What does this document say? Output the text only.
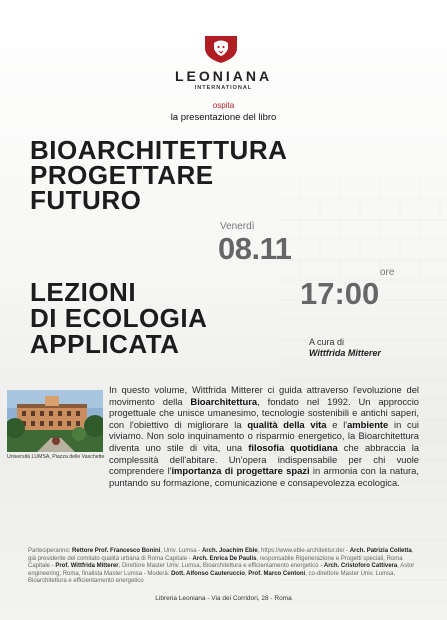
LEONIANA
INTERNATIONAL
ospita
la presentazione del libro
BIOARCHITETTURA
PROGETTARE
FUTURO
Venerdì
08.11
ore
17:00
LEZIONI
DI ECOLOGIA
APPLICATA	A cura di
Wittfrida Mitterer
Università LUMSA, Piazza delle Vaschette
In questo volume, Wittfrida Mitterer ci guida attraverso l'evoluzione del movimento della Bioarchitettura, fondato nel 1992. Un approccio progettuale che unisce umanesimo, tecnologie sostenibili e antichi saperi, con l'obiettivo di migliorare la qualità della vita e l'ambiente in cui viviamo. Non solo inquinamento o risparmio energetico, la Bioarchitettura diventa uno stile di vita, una filosofia quotidiana che abbraccia la complessità dell'abitare. Un'opera indispensabile per chi vuole comprendere l'importanza di progettare spazi in armonia con la natura, puntando su formazione, comunicazione e consapevolezza ecologica.
Parteciperanno: Rettore Prof. Francesco Bonini, Univ. Lumsa - Arch. Joachim Eble, https://www.eble-architektur.de/ - Arch. Patrizia Colletta, già presidente del comitato qualità urbana di Roma Capitale - Arch. Enrica De Paulis, responsabile Rigenerazione e Progetti speciali, Roma Capitale - Prof. Wittfrida Mitterer, Direttore Master Univ. Lumsa, Bioarchitettura e efficientamento energetico - Arch. Cristoforo Cattivera, Astor engineering, Roma, finalista Master Lumsa - Moderà: Dott. Alfonso Cauteruccio, Prof. Marco Centoni, co-direttore Master Univ. Lumsa, Bioarchitettura e efficientamento energetico
Libreria Leoniana - Via dei Corridori, 28 - Roma
